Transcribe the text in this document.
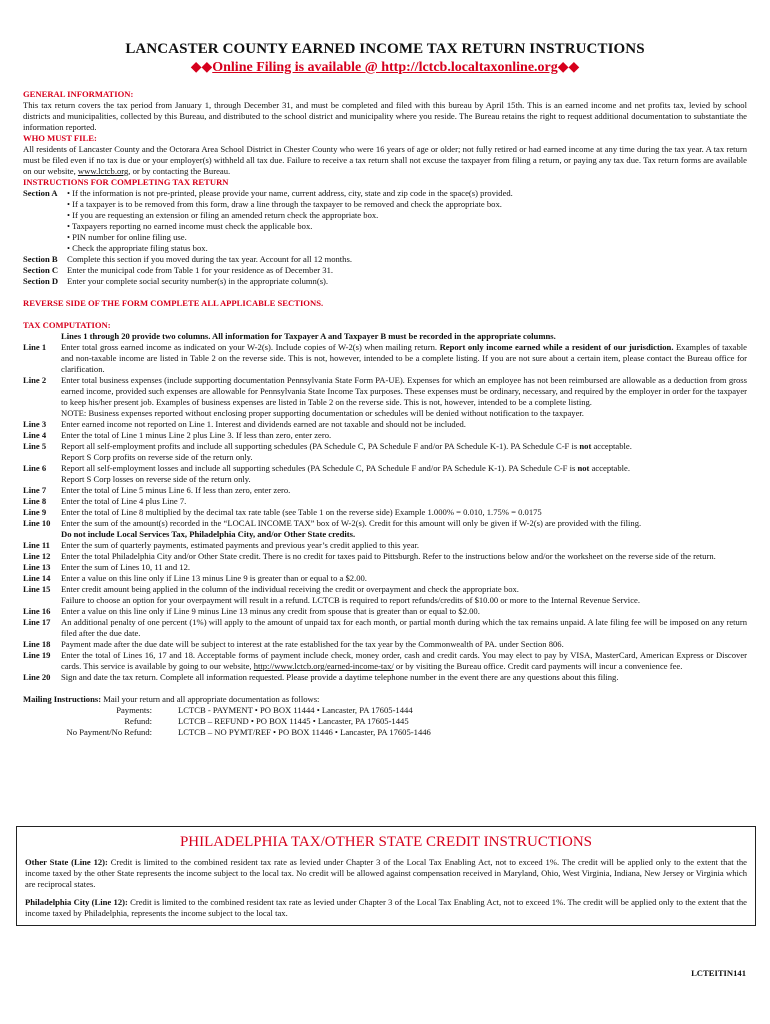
LANCASTER COUNTY EARNED INCOME TAX RETURN INSTRUCTIONS
◆◆Online Filing is available @ http://lctcb.localtaxonline.org◆◆
GENERAL INFORMATION:
This tax return covers the tax period from January 1, through December 31, and must be completed and filed with this bureau by April 15th. This is an earned income and net profits tax, levied by school districts and municipalities, collected by this Bureau, and distributed to the school district and municipality where you reside. The Bureau retains the right to request additional documentation to substantiate the information reported.
WHO MUST FILE:
All residents of Lancaster County and the Octorara Area School District in Chester County who were 16 years of age or older; not fully retired or had earned income at any time during the tax year. A tax return must be filed even if no tax is due or your employer(s) withheld all tax due. Failure to receive a tax return shall not excuse the taxpayer from filing a return, or paying any tax due. Tax return forms are available on our website, www.lctcb.org, or by contacting the Bureau.
INSTRUCTIONS FOR COMPLETING TAX RETURN
Section A	• If the information is not pre-printed, please provide your name, current address, city, state and zip code in the space(s) provided.
• If a taxpayer is to be removed from this form, draw a line through the taxpayer to be removed and check the appropriate box.
• If you are requesting an extension or filing an amended return check the appropriate box.
• Taxpayers reporting no earned income must check the applicable box.
• PIN number for online filing use.
• Check the appropriate filing status box.
Section B	Complete this section if you moved during the tax year. Account for all 12 months.
Section C	Enter the municipal code from Table 1 for your residence as of December 31.
Section D	Enter your complete social security number(s) in the appropriate column(s).
REVERSE SIDE OF THE FORM COMPLETE ALL APPLICABLE SECTIONS.
TAX COMPUTATION:
Lines 1 through 20 provide two columns. All information for Taxpayer A and Taxpayer B must be recorded in the appropriate columns.
Line 1	Enter total gross earned income as indicated on your W-2(s). Include copies of W-2(s) when mailing return. Report only income earned while a resident of our jurisdiction. Examples of taxable and non-taxable income are listed in Table 2 on the reverse side. This is not, however, intended to be a complete listing. If you are not sure about a certain item, please contact the Bureau office for clarification.
Line 2	Enter total business expenses (include supporting documentation Pennsylvania State Form PA-UE). Expenses for which an employee has not been reimbursed are allowable as a deduction from gross earned income, provided such expenses are allowable for Pennsylvania State Income Tax purposes. These expenses must be ordinary, necessary, and required by the employer in order for the taxpayer to keep his/her present job. Examples of business expenses are listed in Table 2 on the reverse side. This is not, however, intended to be a complete listing.
NOTE: Business expenses reported without enclosing proper supporting documentation or schedules will be denied without notification to the taxpayer.
Line 3	Enter earned income not reported on Line 1. Interest and dividends earned are not taxable and should not be included.
Line 4	Enter the total of Line 1 minus Line 2 plus Line 3. If less than zero, enter zero.
Line 5	Report all self-employment profits and include all supporting schedules (PA Schedule C, PA Schedule F and/or PA Schedule K-1). PA Schedule C-F is not acceptable.
Report S Corp profits on reverse side of the return only.
Line 6	Report all self-employment losses and include all supporting schedules (PA Schedule C, PA Schedule F and/or PA Schedule K-1). PA Schedule C-F is not acceptable.
Report S Corp losses on reverse side of the return only.
Line 7	Enter the total of Line 5 minus Line 6. If less than zero, enter zero.
Line 8	Enter the total of Line 4 plus Line 7.
Line 9	Enter the total of Line 8 multiplied by the decimal tax rate table (see Table 1 on the reverse side) Example 1.000% = 0.010, 1.75% = 0.0175
Line 10	Enter the sum of the amount(s) recorded in the “LOCAL INCOME TAX” box of W-2(s). Credit for this amount will only be given if W-2(s) are provided with the filing.
Do not include Local Services Tax, Philadelphia City, and/or Other State credits.
Line 11	Enter the sum of quarterly payments, estimated payments and previous year’s credit applied to this year.
Line 12	Enter the total Philadelphia City and/or Other State credit. There is no credit for taxes paid to Pittsburgh. Refer to the instructions below and/or the worksheet on the reverse side of the return.
Line 13	Enter the sum of Lines 10, 11 and 12.
Line 14	Enter a value on this line only if Line 13 minus Line 9 is greater than or equal to a $2.00.
Line 15	Enter credit amount being applied in the column of the individual receiving the credit or overpayment and check the appropriate box.
Failure to choose an option for your overpayment will result in a refund. LCTCB is required to report refunds/credits of $10.00 or more to the Internal Revenue Service.
Line 16	Enter a value on this line only if Line 9 minus Line 13 minus any credit from spouse that is greater than or equal to $2.00.
Line 17	An additional penalty of one percent (1%) will apply to the amount of unpaid tax for each month, or partial month during which the tax remains unpaid. A late filing fee will be imposed on any return filed after the due date.
Line 18	Payment made after the due date will be subject to interest at the rate established for the tax year by the Commonwealth of PA. under Section 806.
Line 19	Enter the total of Lines 16, 17 and 18. Acceptable forms of payment include check, money order, cash and credit cards. You may elect to pay by VISA, MasterCard, American Express or Discover cards. This service is available by going to our website, http://www.lctcb.org/earned-income-tax/ or by visiting the Bureau office. Credit card payments will incur a convenience fee.
Line 20	Sign and date the tax return. Complete all information requested. Please provide a daytime telephone number in the event there are any questions about this filing.
Mailing Instructions: Mail your return and all appropriate documentation as follows:
Payments:	LCTCB - PAYMENT • PO BOX 11444 • Lancaster, PA 17605-1444
Refund:	LCTCB – REFUND • PO BOX 11445 • Lancaster, PA 17605-1445
No Payment/No Refund:	LCTCB – NO PYMT/REF • PO BOX 11446 • Lancaster, PA 17605-1446
PHILADELPHIA TAX/OTHER STATE CREDIT INSTRUCTIONS
Other State (Line 12): Credit is limited to the combined resident tax rate as levied under Chapter 3 of the Local Tax Enabling Act, not to exceed 1%. The credit will be applied only to the extent that the income taxed by the other State represents the income subject to the local tax. No credit will be allowed against compensation received in Maryland, Ohio, West Virginia, Indiana, New Jersey or Virginia which are reciprocal states.
Philadelphia City (Line 12): Credit is limited to the combined resident tax rate as levied under Chapter 3 of the Local Tax Enabling Act, not to exceed 1%. The credit will be applied only to the extent that the income taxed by Philadelphia, represents the income subject to the local tax.
LCTEITIN141
